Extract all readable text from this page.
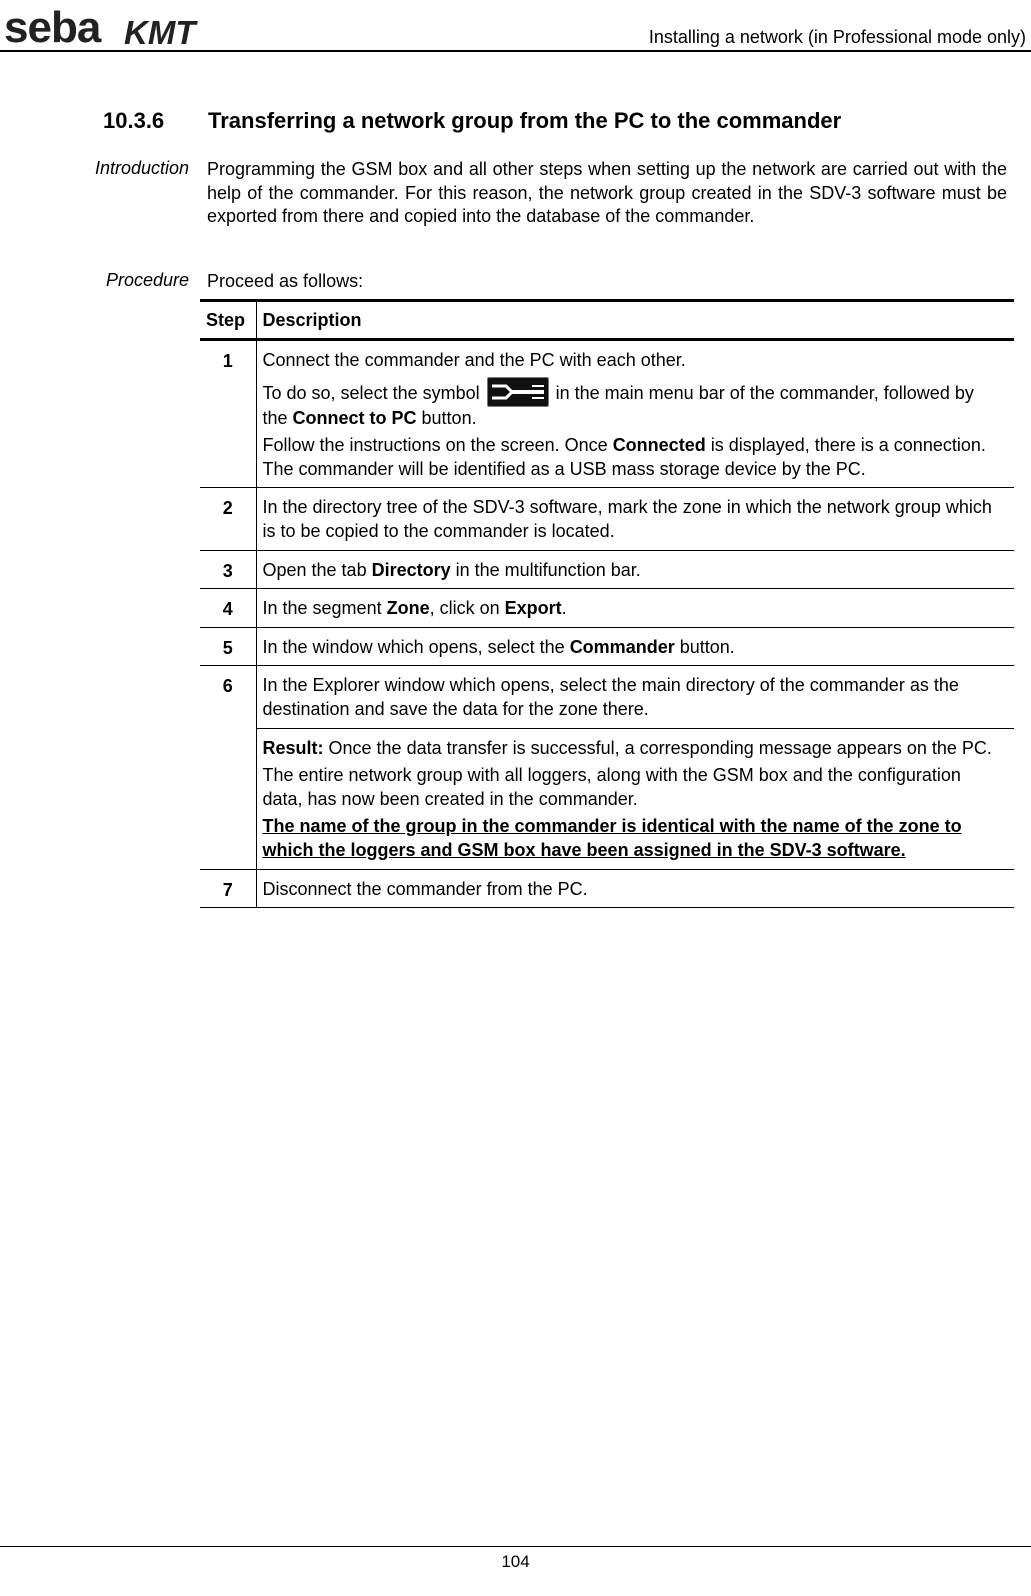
seba KMT	Installing a network (in Professional mode only)
10.3.6 Transferring a network group from the PC to the commander
Introduction Programming the GSM box and all other steps when setting up the network are carried out with the help of the commander. For this reason, the network group created in the SDV-3 software must be exported from there and copied into the database of the commander.
Procedure Proceed as follows:
Step	Description
1	Connect the commander and the PC with each other.

To do so, select the symbol in the main menu bar of the commander, followed by the Connect to PC button.

Follow the instructions on the screen. Once Connected is displayed, there is a connection. The commander will be identified as a USB mass storage device by the PC.

2	In the directory tree of the SDV-3 software, mark the zone in which the network group which is to be copied to the commander is located.
3	Open the tab Directory in the multifunction bar.
4	In the segment Zone, click on Export.
5	In the window which opens, select the Commander button.
6	In the Explorer window which opens, select the main directory of the commander as the destination and save the data for the zone there.

Result: Once the data transfer is successful, a corresponding message appears on the PC.

The entire network group with all loggers, along with the GSM box and the configuration data, has now been created in the commander.

The name of the group in the commander is identical with the name of the zone to which the loggers and GSM box have been assigned in the SDV-3 software.

7	Disconnect the commander from the PC.
104
